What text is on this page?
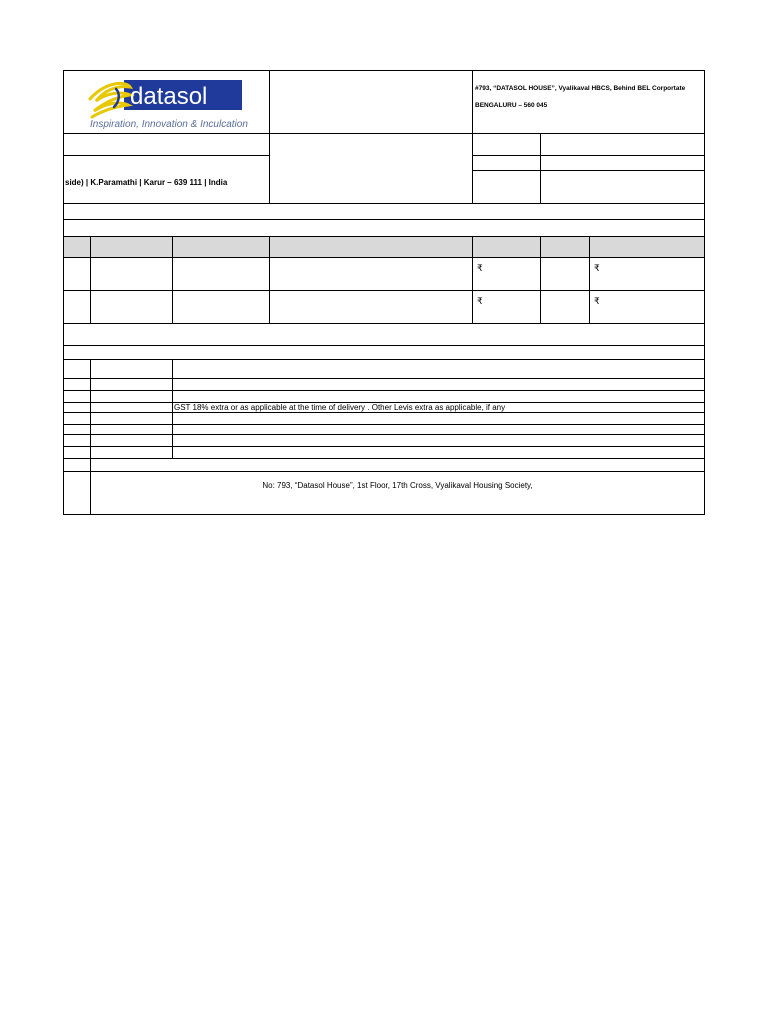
datasol
Inspiration, Innovation & Inculcation				#793, “DATASOL HOUSE”, Vyalikaval HBCS, Behind BEL Corportate
BENGALURU – 560 045		

side) | K.Paramathi | Karur – 639 111 | India						

				₹		₹
				₹		₹

		GST 18% extra or as applicable at the time of delivery . Other Levis extra as applicable, if any				

	No: 793, “Datasol House”, 1st Floor, 17th Cross, Vyalikaval Housing Society,					
